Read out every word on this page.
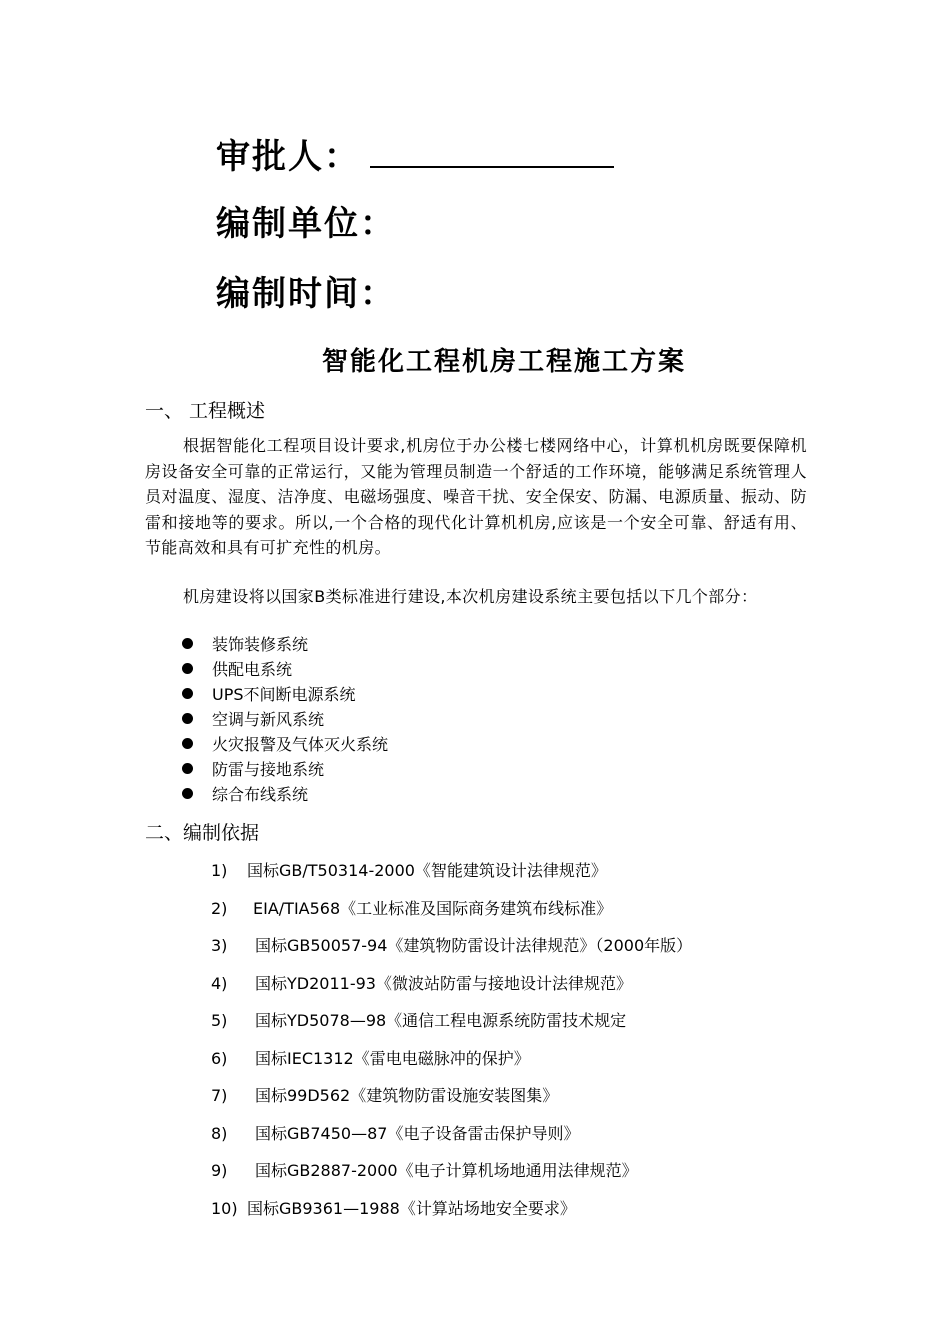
审批人：
编制单位：
编制时间：
智能化工程机房工程施工方案
一、 工程概述
根据智能化工程项目设计要求,机房位于办公楼七楼网络中心，计算机机房既要保障机房设备安全可靠的正常运行，又能为管理员制造一个舒适的工作环境，能够满足系统管理人员对温度、湿度、洁净度、电磁场强度、噪音干扰、安全保安、防漏、电源质量、振动、防雷和接地等的要求。所以,一个合格的现代化计算机机房,应该是一个安全可靠、舒适有用、节能高效和具有可扩充性的机房。
机房建设将以国家B类标准进行建设,本次机房建设系统主要包括以下几个部分：
装饰装修系统
供配电系统
UPS不间断电源系统
空调与新风系统
火灾报警及气体灭火系统
防雷与接地系统
综合布线系统
二、编制依据
1) 国标GB/T50314-2000《智能建筑设计法律规范》
2) EIA/TIA568《工业标准及国际商务建筑布线标准》
3) 国标GB50057-94《建筑物防雷设计法律规范》（2000年版）
4) 国标YD2011-93《微波站防雷与接地设计法律规范》
5) 国标YD5078—98《通信工程电源系统防雷技术规定
6) 国标IEC1312《雷电电磁脉冲的保护》
7) 国标99D562《建筑物防雷设施安装图集》
8) 国标GB7450—87《电子设备雷击保护导则》
9) 国标GB2887-2000《电子计算机场地通用法律规范》
10) 国标GB9361—1988《计算站场地安全要求》
